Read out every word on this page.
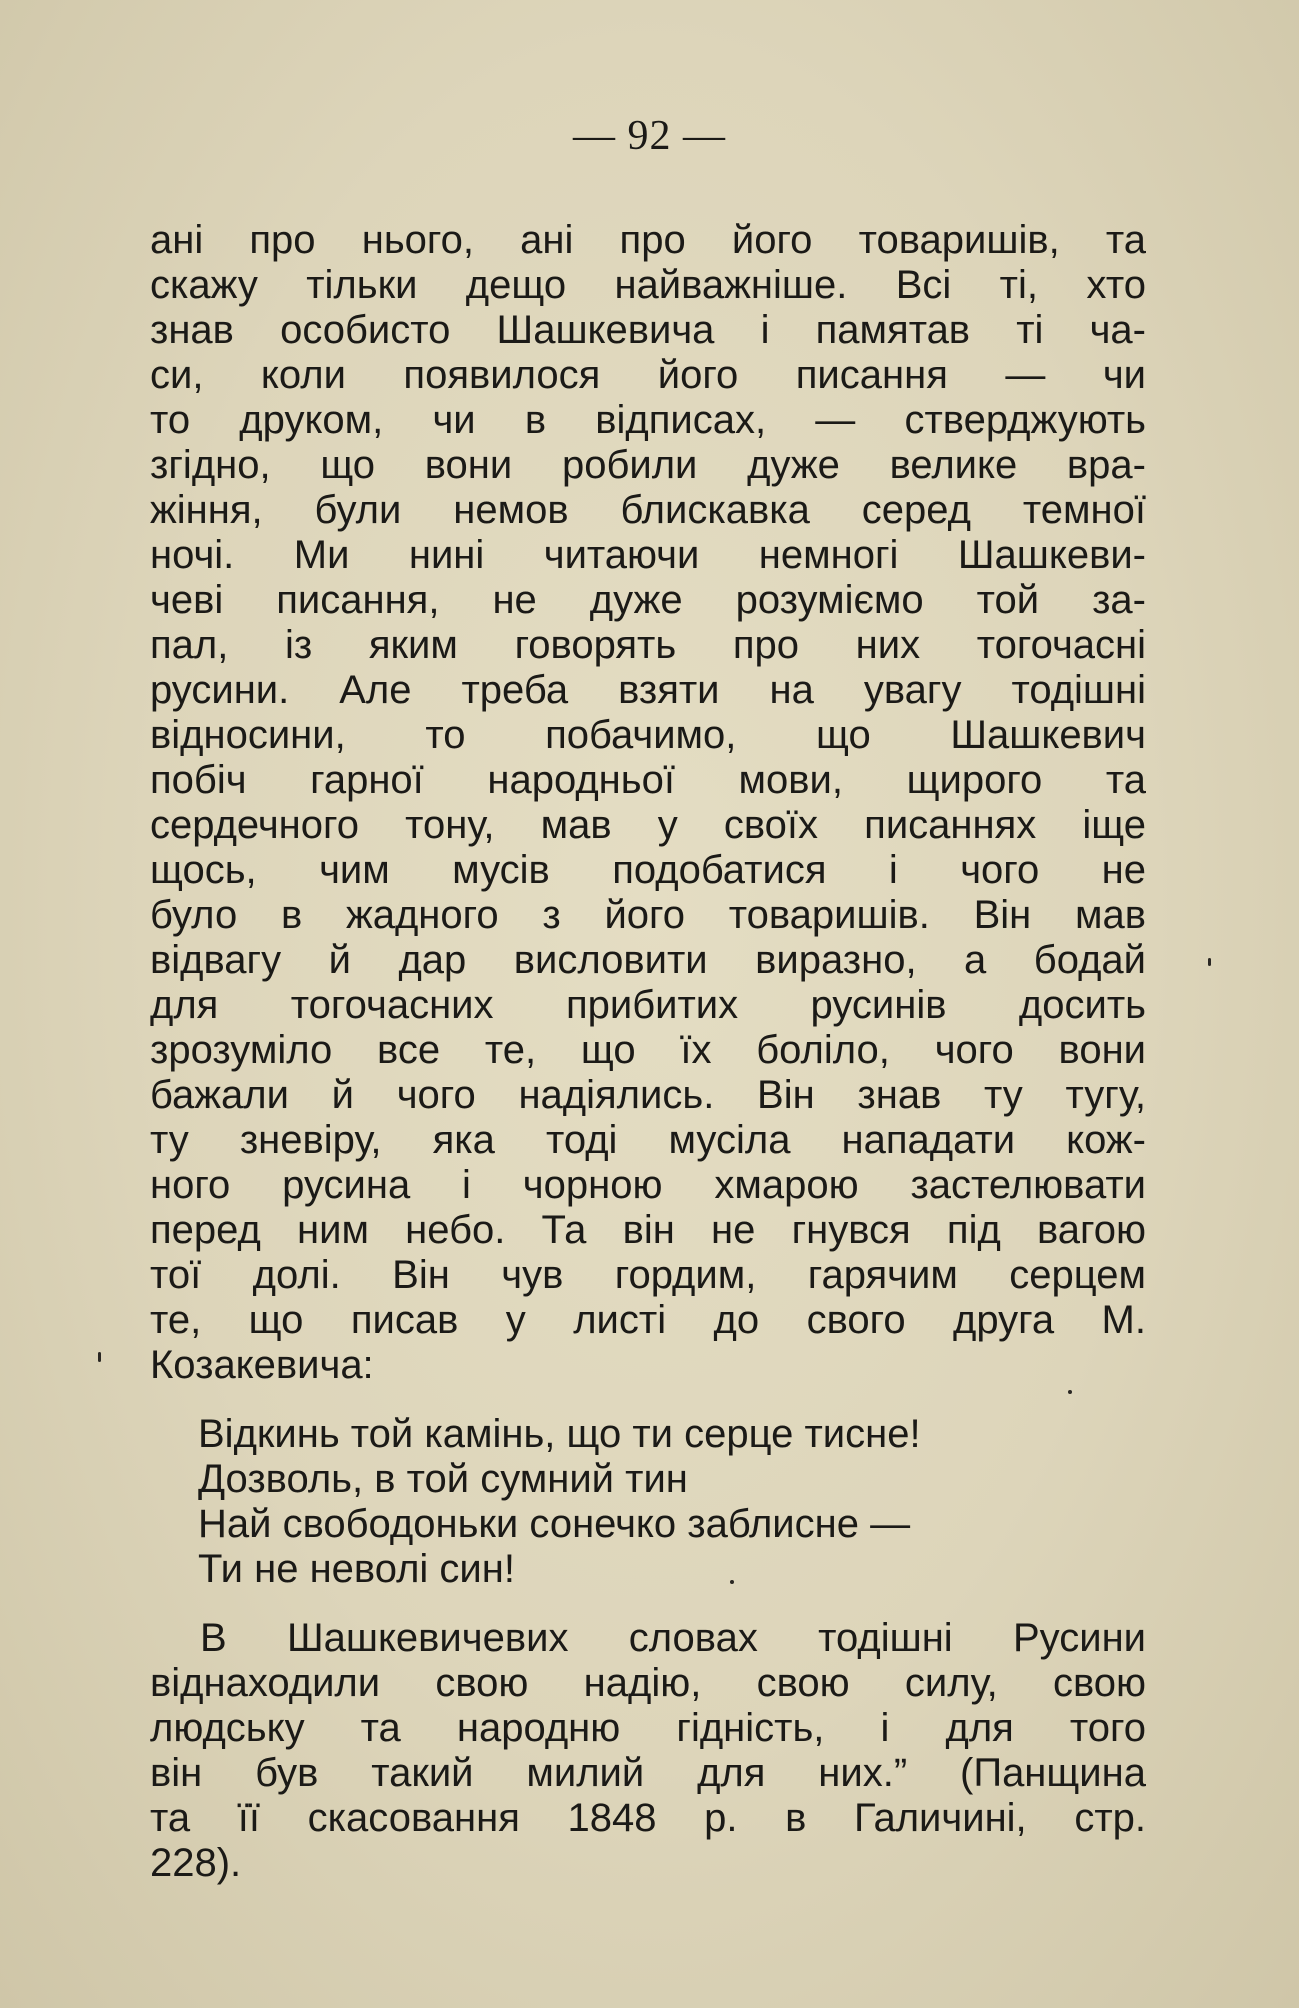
— 92 —
ані про нього, ані про його товаришів, та
скажу тільки дещо найважніше. Всі ті, хто
знав особисто Шашкевича і памятав ті ча-
си, коли появилося його писання — чи
то друком, чи в відписах, — стверджують
згідно, що вони робили дуже велике вра-
жіння, були немов блискавка серед темної
ночі. Ми нині читаючи немногі Шашкеви-
чеві писання, не дуже розуміємо той за-
пал, із яким говорять про них тогочасні
русини. Але треба взяти на увагу тодішні
відносини, то побачимо, що Шашкевич
побіч гарної народньої мови, щирого та
сердечного тону, мав у своїх писаннях іще
щось, чим мусів подобатися і чого не
було в жадного з його товаришів. Він мав
відвагу й дар висловити виразно, а бодай
для тогочасних прибитих русинів досить
зрозуміло все те, що їх боліло, чого вони
бажали й чого надіялись. Він знав ту тугу,
ту зневіру, яка тоді мусіла нападати кож-
ного русина і чорною хмарою застелювати
перед ним небо. Та він не гнувся під вагою
тої долі. Він чув гордим, гарячим серцем
те, що писав у листі до свого друга М.
Козакевича:
Відкинь той камінь, що ти серце тисне!
Дозволь, в той сумний тин
Най свободоньки сонечко заблисне —
Ти не неволі син!
В Шашкевичевих словах тодішні Русини
віднаходили свою надію, свою силу, свою
людську та народню гідність, і для того
він був такий милий для них.” (Панщина
та її скасовання 1848 р. в Галичині, стр.
228).
